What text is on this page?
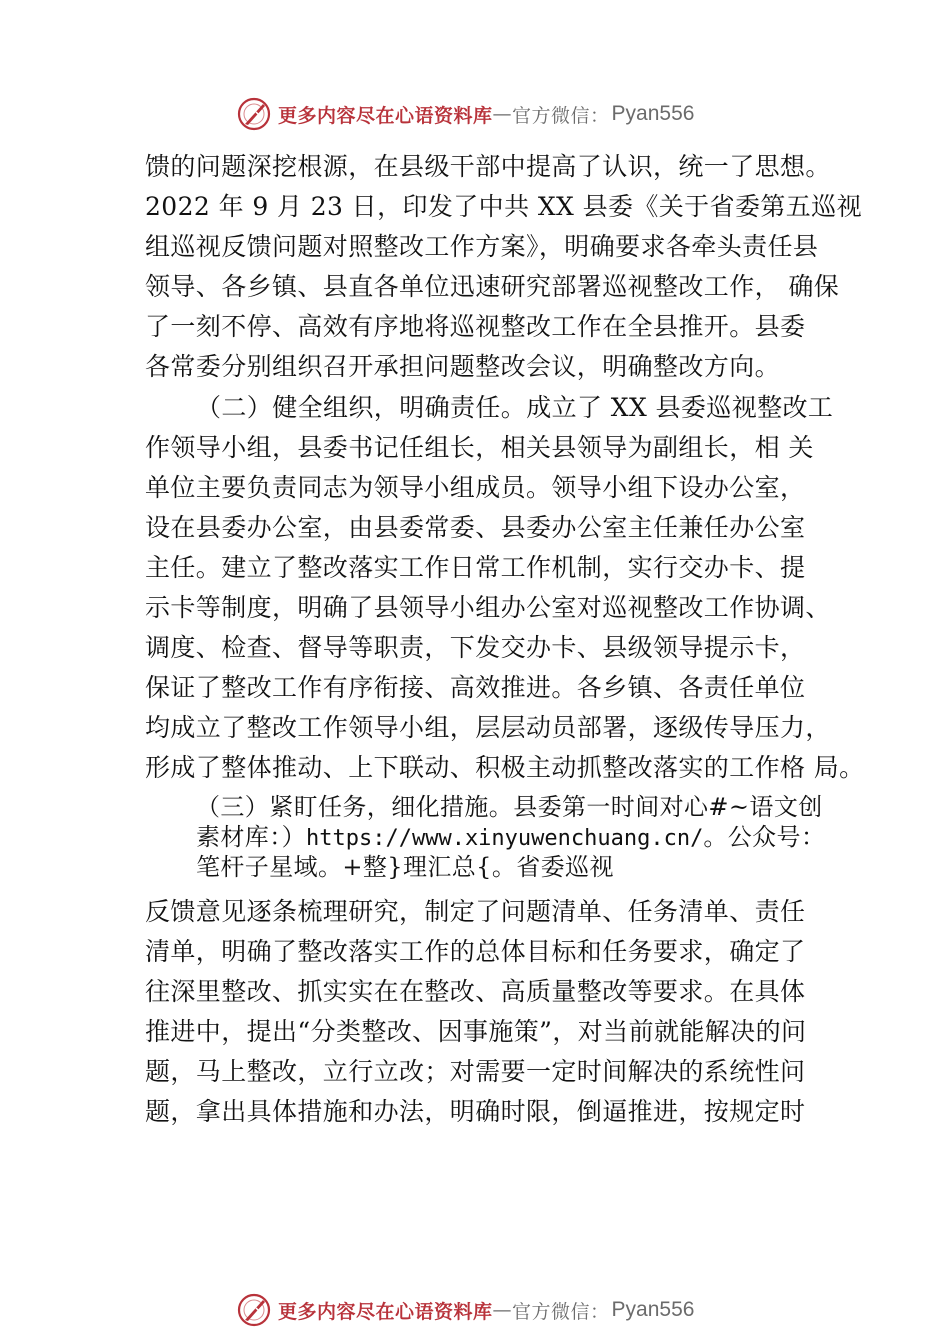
更多内容尽在心语资料库 — 官方微信： Pyan556
馈的问题深挖根源，在县级干部中提高了认识，统一了思想。
2022 年 9 月 23 日，印发了中共 XX 县委《关于省委第五巡视
组巡视反馈问题对照整改工作方案》，明确要求各牵头责任县
领导、各乡镇、县直各单位迅速研究部署巡视整改工作， 确保
了一刻不停、高效有序地将巡视整改工作在全县推开。县委
各常委分别组织召开承担问题整改会议，明确整改方向。
（二）健全组织，明确责任。成立了 XX 县委巡视整改工
作领导小组，县委书记任组长，相关县领导为副组长，相 关
单位主要负责同志为领导小组成员。领导小组下设办公室，
设在县委办公室，由县委常委、县委办公室主任兼任办公室
主任。建立了整改落实工作日常工作机制，实行交办卡、提
示卡等制度，明确了县领导小组办公室对巡视整改工作协调、
调度、检查、督导等职责，下发交办卡、县级领导提示卡，
保证了整改工作有序衔接、高效推进。各乡镇、各责任单位
均成立了整改工作领导小组，层层动员部署，逐级传导压力，
形成了整体推动、上下联动、积极主动抓整改落实的工作格 局。
（三）紧盯任务，细化措施。县委第一时间对心#~语文创
素材库：）https://www.xinyuwenchuang.cn/。公众号：
笔杆子星域。+整}理汇总{。省委巡视
反馈意见逐条梳理研究，制定了问题清单、任务清单、责任
清单，明确了整改落实工作的总体目标和任务要求，确定了
往深里整改、抓实实在在整改、高质量整改等要求。在具体
推进中，提出“分类整改、因事施策”，对当前就能解决的问
题，马上整改，立行立改；对需要一定时间解决的系统性问
题，拿出具体措施和办法，明确时限，倒逼推进，按规定时
更多内容尽在心语资料库 — 官方微信： Pyan556
